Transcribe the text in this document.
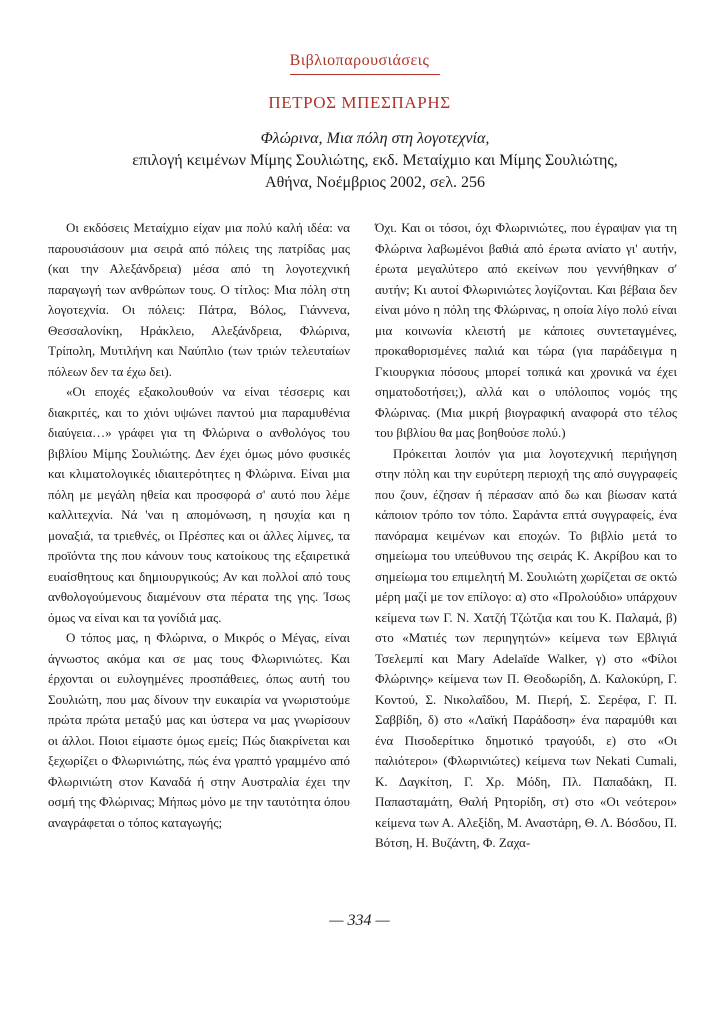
Βιβλιοπαρουσιάσεις
ΠΕΤΡΟΣ ΜΠΕΣΠΑΡΗΣ
Φλώρινα, Μια πόλη στη λογοτεχνία,
επιλογή κειμένων Μίμης Σουλιώτης, εκδ. Μεταίχμιο και Μίμης Σουλιώτης,
Αθήνα, Νοέμβριος 2002, σελ. 256

Οι εκδόσεις Μεταίχμιο είχαν μια πολύ καλή ιδέα: να παρουσιάσουν μια σειρά από πόλεις της πατρίδας μας (και την Αλεξάνδρεια) μέσα από τη λογοτεχνική παραγωγή των ανθρώπων τους. Ο τίτλος: Μια πόλη στη λογοτεχνία. Οι πόλεις: Πάτρα, Βόλος, Γιάννενα, Θεσσαλονίκη, Ηράκλειο, Αλεξάνδρεια, Φλώρινα, Τρίπολη, Μυτιλήνη και Ναύπλιο (των τριών τελευταίων πόλεων δεν τα έχω δει).

«Οι εποχές εξακολουθούν να είναι τέσσερις και διακριτές, και το χιόνι υψώνει παντού μια παραμυθένια διαύγεια…» γράφει για τη Φλώρινα ο ανθολόγος του βιβλίου Μίμης Σουλιώτης. Δεν έχει όμως μόνο φυσικές και κλιματολογικές ιδιαιτερότητες η Φλώρινα. Είναι μια πόλη με μεγάλη ηθεία και προσφορά σ' αυτό που λέμε καλλιτεχνία. Νά 'ναι η απομόνωση, η ησυχία και η μοναξιά, τα τριεθνές, οι Πρέσπες και οι άλλες λίμνες, τα προϊόντα της που κάνουν τους κατοίκους της εξαιρετικά ευαίσθητους και δημιουργικούς; Αν και πολλοί από τους ανθολογούμενους διαμένουν στα πέρατα της γης. Ίσως όμως να είναι και τα γονίδιά μας.

Ο τόπος μας, η Φλώρινα, ο Μικρός ο Μέγας, είναι άγνωστος ακόμα και σε μας τους Φλωρινιώτες. Και έρχονται οι ευλογημένες προσπάθειες, όπως αυτή του Σουλιώτη, που μας δίνουν την ευκαιρία να γνωριστούμε πρώτα πρώτα μεταξύ μας και ύστερα να μας γνωρίσουν οι άλλοι. Ποιοι είμαστε όμως εμείς; Πώς διακρίνεται και ξεχωρίζει ο Φλωρινιώτης, πώς ένα γραπτό γραμμένο από Φλωρινιώτη στον Καναδά ή στην Αυστραλία έχει την οσμή της Φλώρινας; Μήπως μόνο με την ταυτότητα όπου αναγράφεται ο τόπος καταγωγής;

Όχι. Και οι τόσοι, όχι Φλωρινιώτες, που έγραψαν για τη Φλώρινα λαβωμένοι βαθιά από έρωτα ανίατο γι' αυτήν, έρωτα μεγαλύτερο από εκείνων που γεννήθηκαν σ' αυτήν; Κι αυτοί Φλωρινιώτες λογίζονται. Και βέβαια δεν είναι μόνο η πόλη της Φλώρινας, η οποία λίγο πολύ είναι μια κοινωνία κλειστή με κάποιες συντεταγμένες, προκαθορισμένες παλιά και τώρα (για παράδειγμα η Γκιουργκια πόσους μπορεί τοπικά και χρονικά να έχει σηματοδοτήσει;), αλλά και ο υπόλοιπος νομός της Φλώρινας. (Μια μικρή βιογραφική αναφορά στο τέλος του βιβλίου θα μας βοηθούσε πολύ.)

Πρόκειται λοιπόν για μια λογοτεχνική περιήγηση στην πόλη και την ευρύτερη περιοχή της από συγγραφείς που ζουν, έζησαν ή πέρασαν από δω και βίωσαν κατά κάποιον τρόπο τον τόπο. Σαράντα επτά συγγραφείς, ένα πανόραμα κειμένων και εποχών. Το βιβλίο μετά το σημείωμα του υπεύθυνου της σειράς Κ. Ακρίβου και το σημείωμα του επιμελητή Μ. Σουλιώτη χωρίζεται σε οκτώ μέρη μαζί με τον επίλογο: α) στο «Προλούδιο» υπάρχουν κείμενα των Γ. Ν. Χατζή Τζώτζια και του Κ. Παλαμά, β) στο «Ματιές των περιηγητών» κείμενα των Εβλιγιά Τσελεμπί και Mary Adelaïde Walker, γ) στο «Φίλοι Φλώρινης» κείμενα των Π. Θεοδωρίδη, Δ. Καλοκύρη, Γ. Κοντού, Σ. Νικολαΐδου, Μ. Πιερή, Σ. Σερέφα, Γ. Π. Σαββίδη, δ) στο «Λαϊκή Παράδοση» ένα παραμύθι και ένα Πισοδερίτικο δημοτικό τραγούδι, ε) στο «Οι παλιότεροι» (Φλωρινιώτες) κείμενα των Nekati Cumali, Κ. Δαγκίτση, Γ. Χρ. Μόδη, Πλ. Παπαδάκη, Π. Παπασταμάτη, Θαλή Ρητορίδη, στ) στο «Οι νεότεροι» κείμενα των Α. Αλεξίδη, Μ. Αναστάρη, Θ. Λ. Βόσδου, Π. Βότση, Η. Βυζάντη, Φ. Ζαχα-

— 334 —
